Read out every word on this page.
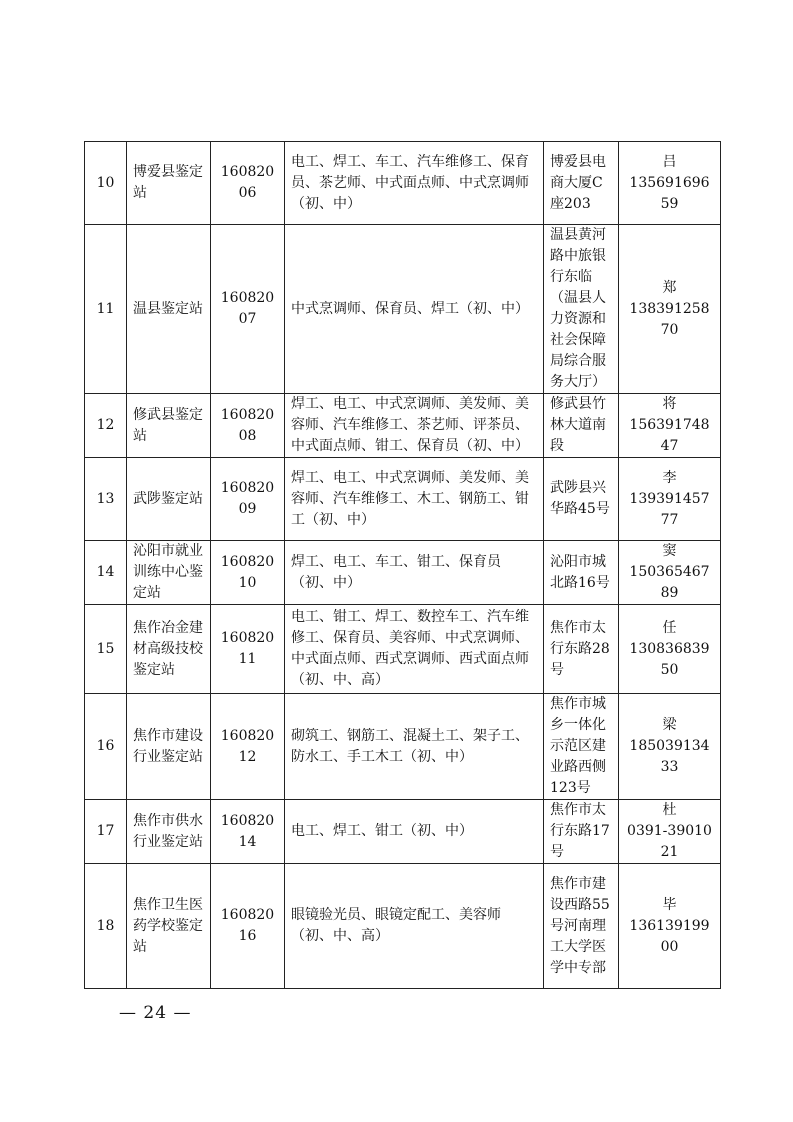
10	博爱县鉴定站	16082006	电工、焊工、车工、汽车维修工、保育员、茶艺师、中式面点师、中式烹调师（初、中）	博爱县电商大厦C座203	吕
13569169659

11	温县鉴定站	16082007	中式烹调师、保育员、焊工（初、中）	温县黄河路中旅银行东临（温县人力资源和社会保障局综合服务大厅）	郑
13839125870

12	修武县鉴定站	16082008	焊工、电工、中式烹调师、美发师、美容师、汽车维修工、茶艺师、评茶员、中式面点师、钳工、保育员（初、中）	修武县竹林大道南段	将
15639174847

13	武陟鉴定站	16082009	焊工、电工、中式烹调师、美发师、美容师、汽车维修工、木工、钢筋工、钳工（初、中）	武陟县兴华路45号	李
13939145777

14	沁阳市就业训练中心鉴定站	16082010	焊工、电工、车工、钳工、保育员（初、中）	沁阳市城北路16号	窦
15036546789

15	焦作冶金建材高级技校鉴定站	16082011	电工、钳工、焊工、数控车工、汽车维修工、保育员、美容师、中式烹调师、中式面点师、西式烹调师、西式面点师（初、中、高）	焦作市太行东路28号	任
13083683950

16	焦作市建设行业鉴定站	16082012	砌筑工、钢筋工、混凝土工、架子工、防水工、手工木工（初、中）	焦作市城乡一体化示范区建业路西侧123号	梁
18503913433

17	焦作市供水行业鉴定站	16082014	电工、焊工、钳工（初、中）	焦作市太行东路17号	杜
0391-3901021

18	焦作卫生医药学校鉴定站	16082016	眼镜验光员、眼镜定配工、美容师（初、中、高）	焦作市建设西路55号河南理工大学医学中专部	毕
13613919900
— 24 —
